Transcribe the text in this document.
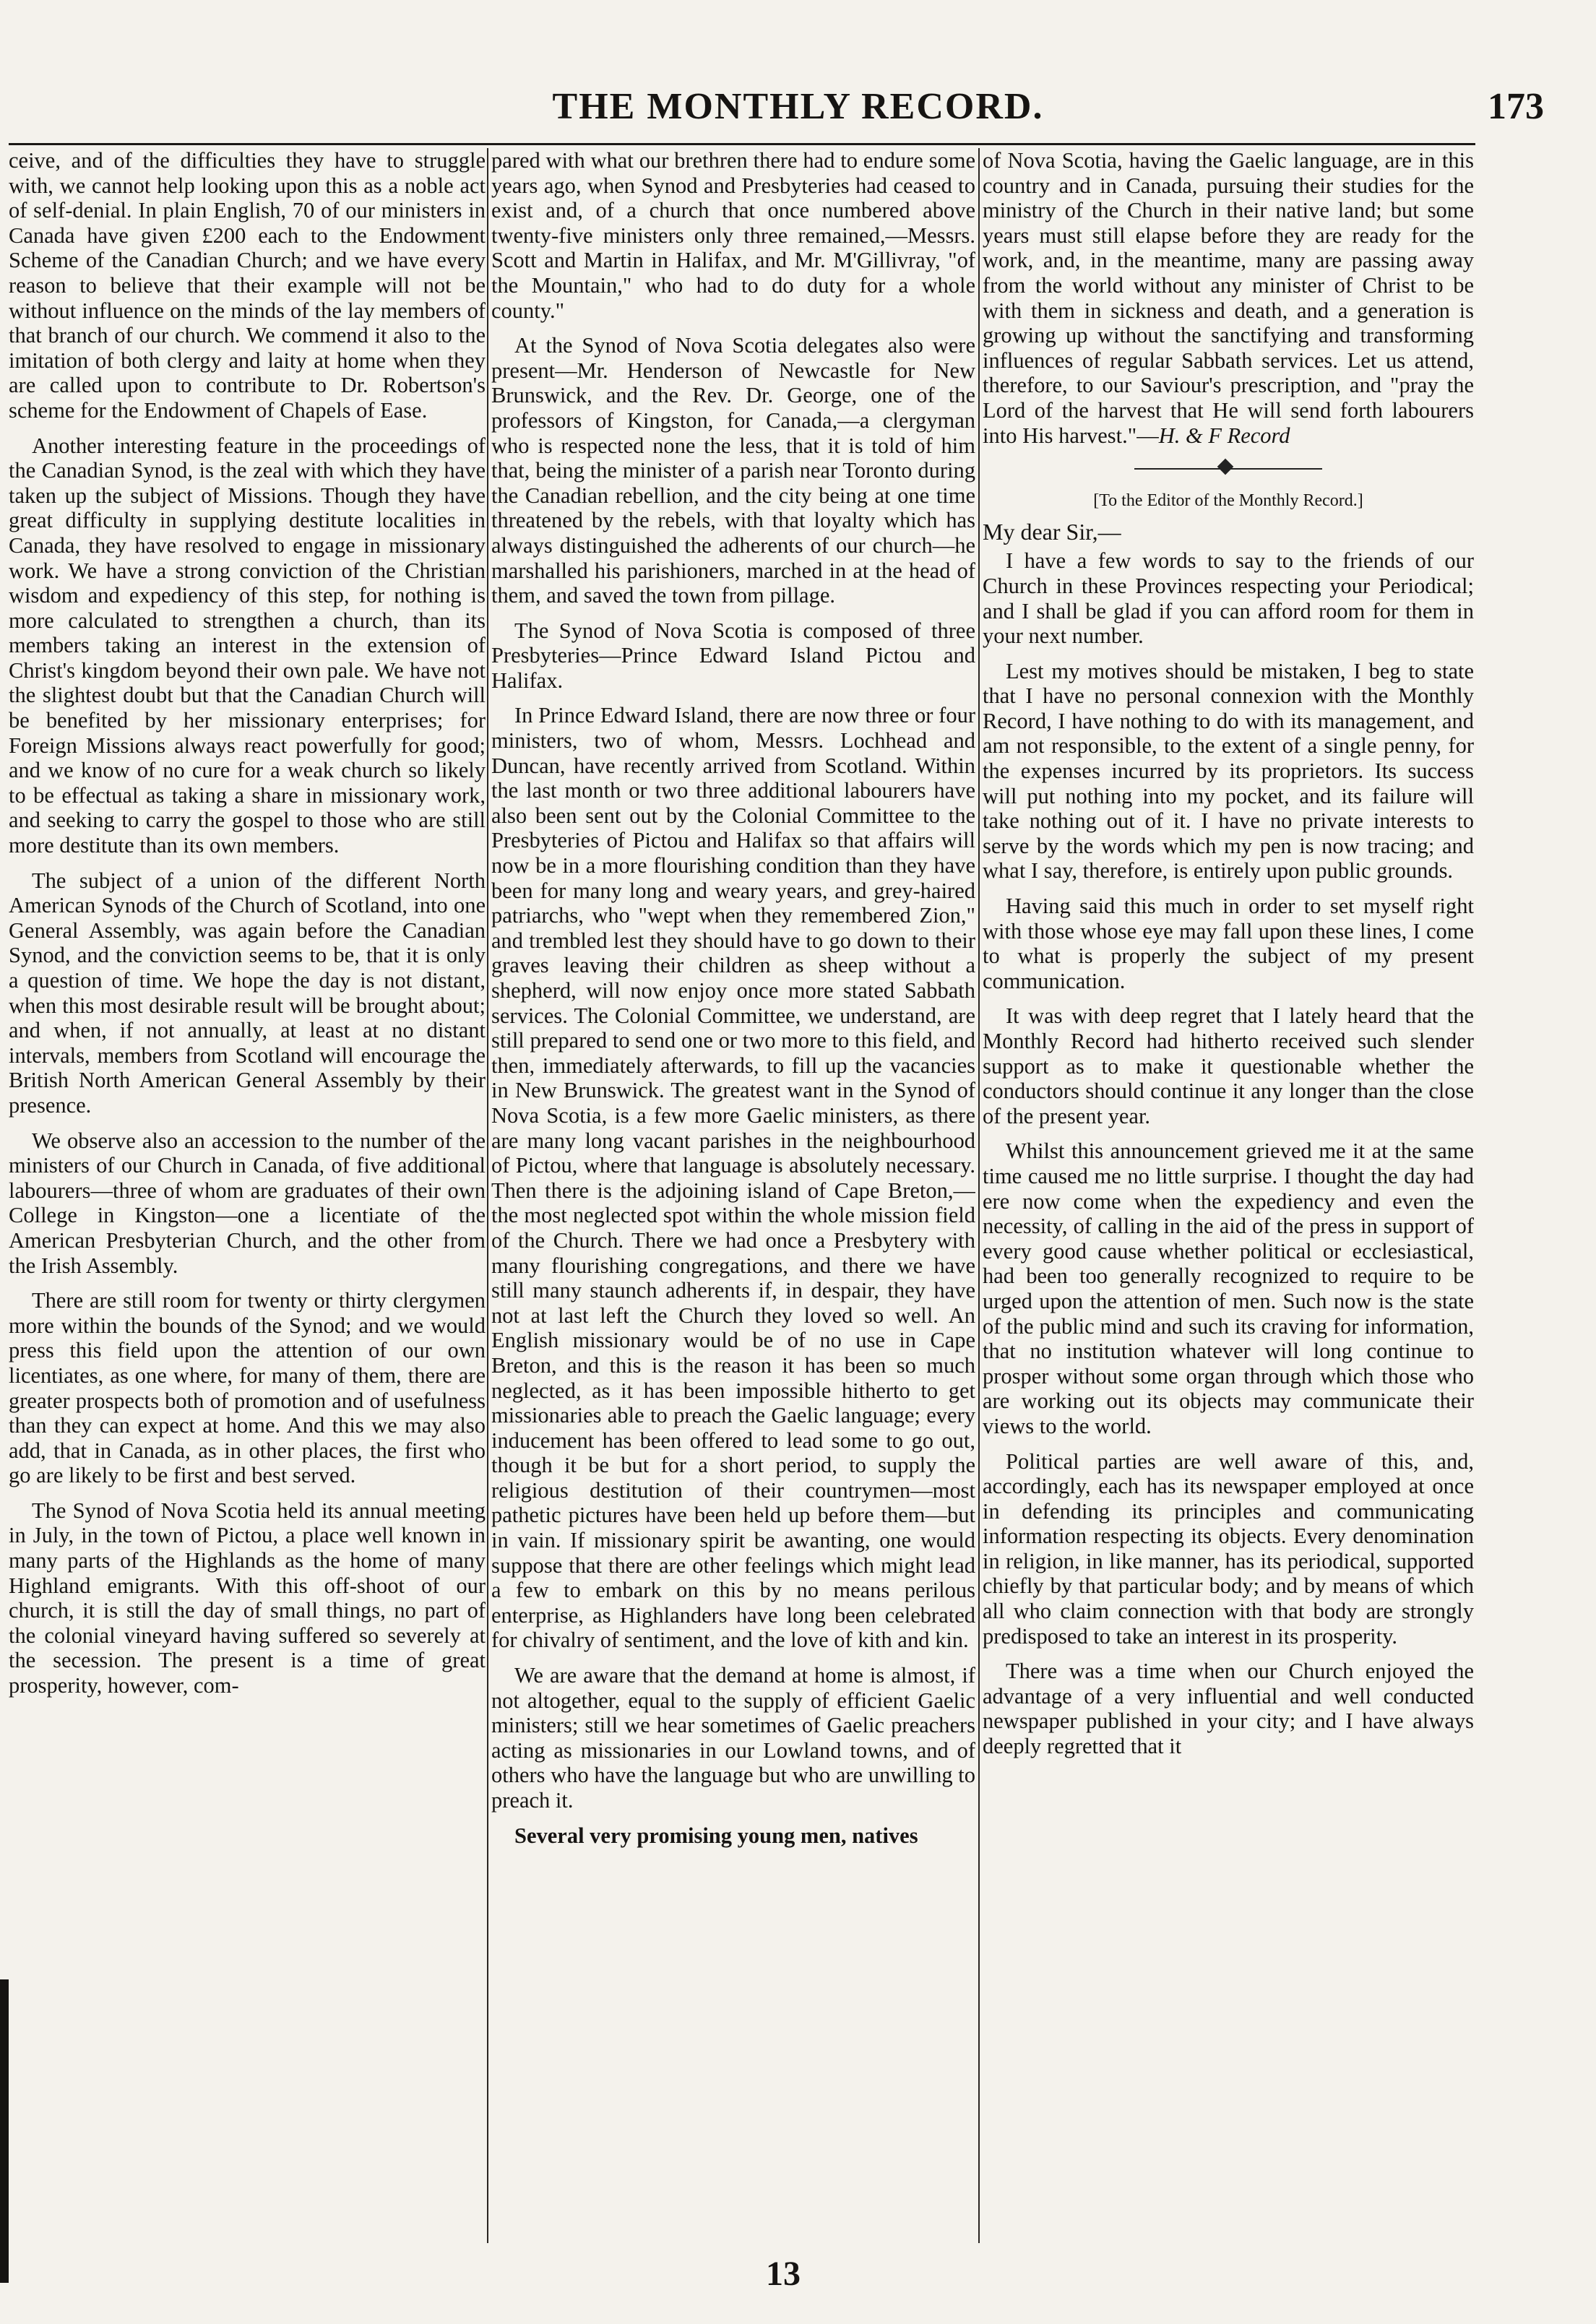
THE MONTHLY RECORD.	173

ceive, and of the difficulties they have to struggle with, we cannot help looking upon this as a noble act of self-denial. In plain English, 70 of our ministers in Canada have given £200 each to the Endowment Scheme of the Canadian Church; and we have every reason to believe that their example will not be without influence on the minds of the lay members of that branch of our church. We commend it also to the imitation of both clergy and laity at home when they are called upon to contribute to Dr. Robertson's scheme for the Endowment of Chapels of Ease.

Another interesting feature in the proceedings of the Canadian Synod, is the zeal with which they have taken up the subject of Missions. Though they have great difficulty in supplying destitute localities in Canada, they have resolved to engage in missionary work. We have a strong conviction of the Christian wisdom and expediency of this step, for nothing is more calculated to strengthen a church, than its members taking an interest in the extension of Christ's kingdom beyond their own pale. We have not the slightest doubt but that the Canadian Church will be benefited by her missionary enterprises; for Foreign Missions always react powerfully for good; and we know of no cure for a weak church so likely to be effectual as taking a share in missionary work, and seeking to carry the gospel to those who are still more destitute than its own members.

The subject of a union of the different North American Synods of the Church of Scotland, into one General Assembly, was again before the Canadian Synod, and the conviction seems to be, that it is only a question of time. We hope the day is not distant, when this most desirable result will be brought about; and when, if not annually, at least at no distant intervals, members from Scotland will encourage the British North American General Assembly by their presence.

We observe also an accession to the number of the ministers of our Church in Canada, of five additional labourers—three of whom are graduates of their own College in Kingston—one a licentiate of the American Presbyterian Church, and the other from the Irish Assembly.

There are still room for twenty or thirty clergymen more within the bounds of the Synod; and we would press this field upon the attention of our own licentiates, as one where, for many of them, there are greater prospects both of promotion and of usefulness than they can expect at home. And this we may also add, that in Canada, as in other places, the first who go are likely to be first and best served.

The Synod of Nova Scotia held its annual meeting in July, in the town of Pictou, a place well known in many parts of the Highlands as the home of many Highland emigrants. With this off-shoot of our church, it is still the day of small things, no part of the colonial vineyard having suffered so severely at the secession. The present is a time of great prosperity, however, com-

pared with what our brethren there had to endure some years ago, when Synod and Presbyteries had ceased to exist and, of a church that once numbered above twenty-five ministers only three remained,—Messrs. Scott and Martin in Halifax, and Mr. M'Gillivray, "of the Mountain," who had to do duty for a whole county."

At the Synod of Nova Scotia delegates also were present—Mr. Henderson of Newcastle for New Brunswick, and the Rev. Dr. George, one of the professors of Kingston, for Canada,—a clergyman who is respected none the less, that it is told of him that, being the minister of a parish near Toronto during the Canadian rebellion, and the city being at one time threatened by the rebels, with that loyalty which has always distinguished the adherents of our church—he marshalled his parishioners, marched in at the head of them, and saved the town from pillage.

The Synod of Nova Scotia is composed of three Presbyteries—Prince Edward Island Pictou and Halifax.

In Prince Edward Island, there are now three or four ministers, two of whom, Messrs. Lochhead and Duncan, have recently arrived from Scotland. Within the last month or two three additional labourers have also been sent out by the Colonial Committee to the Presbyteries of Pictou and Halifax so that affairs will now be in a more flourishing condition than they have been for many long and weary years, and grey-haired patriarchs, who "wept when they remembered Zion," and trembled lest they should have to go down to their graves leaving their children as sheep without a shepherd, will now enjoy once more stated Sabbath services. The Colonial Committee, we understand, are still prepared to send one or two more to this field, and then, immediately afterwards, to fill up the vacancies in New Brunswick. The greatest want in the Synod of Nova Scotia, is a few more Gaelic ministers, as there are many long vacant parishes in the neighbourhood of Pictou, where that language is absolutely necessary. Then there is the adjoining island of Cape Breton,—the most neglected spot within the whole mission field of the Church. There we had once a Presbytery with many flourishing congregations, and there we have still many staunch adherents if, in despair, they have not at last left the Church they loved so well. An English missionary would be of no use in Cape Breton, and this is the reason it has been so much neglected, as it has been impossible hitherto to get missionaries able to preach the Gaelic language; every inducement has been offered to lead some to go out, though it be but for a short period, to supply the religious destitution of their countrymen—most pathetic pictures have been held up before them—but in vain. If missionary spirit be awanting, one would suppose that there are other feelings which might lead a few to embark on this by no means perilous enterprise, as Highlanders have long been celebrated for chivalry of sentiment, and the love of kith and kin.

We are aware that the demand at home is almost, if not altogether, equal to the supply of efficient Gaelic ministers; still we hear sometimes of Gaelic preachers acting as missionaries in our Lowland towns, and of others who have the language but who are unwilling to preach it.

Several very promising young men, natives

of Nova Scotia, having the Gaelic language, are in this country and in Canada, pursuing their studies for the ministry of the Church in their native land; but some years must still elapse before they are ready for the work, and, in the meantime, many are passing away from the world without any minister of Christ to be with them in sickness and death, and a generation is growing up without the sanctifying and transforming influences of regular Sabbath services. Let us attend, therefore, to our Saviour's prescription, and "pray the Lord of the harvest that He will send forth labourers into His harvest."—H. & F Record

[To the Editor of the Monthly Record.]

My dear Sir,—

I have a few words to say to the friends of our Church in these Provinces respecting your Periodical; and I shall be glad if you can afford room for them in your next number.

Lest my motives should be mistaken, I beg to state that I have no personal connexion with the Monthly Record, I have nothing to do with its management, and am not responsible, to the extent of a single penny, for the expenses incurred by its proprietors. Its success will put nothing into my pocket, and its failure will take nothing out of it. I have no private interests to serve by the words which my pen is now tracing; and what I say, therefore, is entirely upon public grounds.

Having said this much in order to set myself right with those whose eye may fall upon these lines, I come to what is properly the subject of my present communication.

It was with deep regret that I lately heard that the Monthly Record had hitherto received such slender support as to make it questionable whether the conductors should continue it any longer than the close of the present year.

Whilst this announcement grieved me it at the same time caused me no little surprise. I thought the day had ere now come when the expediency and even the necessity, of calling in the aid of the press in support of every good cause whether political or ecclesiastical, had been too generally recognized to require to be urged upon the attention of men. Such now is the state of the public mind and such its craving for information, that no institution whatever will long continue to prosper without some organ through which those who are working out its objects may communicate their views to the world.

Political parties are well aware of this, and, accordingly, each has its newspaper employed at once in defending its principles and communicating information respecting its objects. Every denomination in religion, in like manner, has its periodical, supported chiefly by that particular body; and by means of which all who claim connection with that body are strongly predisposed to take an interest in its prosperity.

There was a time when our Church enjoyed the advantage of a very influential and well conducted newspaper published in your city; and I have always deeply regretted that it

13
